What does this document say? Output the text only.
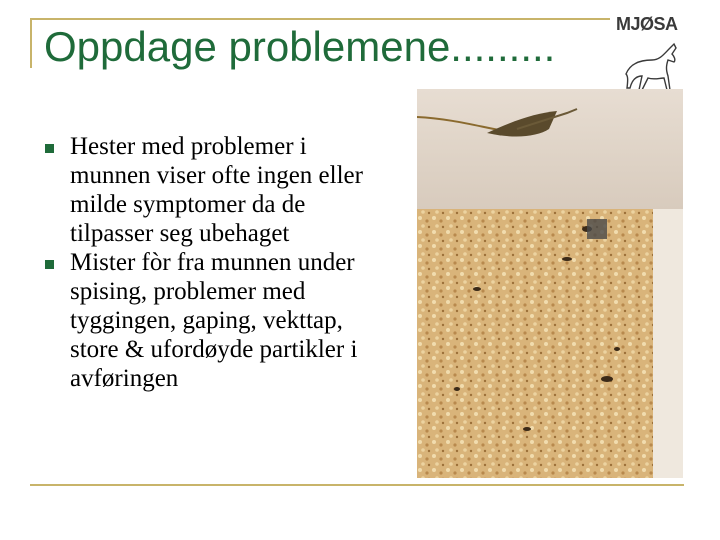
Oppdage problemene.........	MJØSA
Hester med problemer i munnen viser ofte ingen eller milde symptomer da de tilpasser seg ubehaget
Mister fòr fra munnen under spising, problemer med tyggingen, gaping, vekttap, store & ufordøyde partikler i avføringen
